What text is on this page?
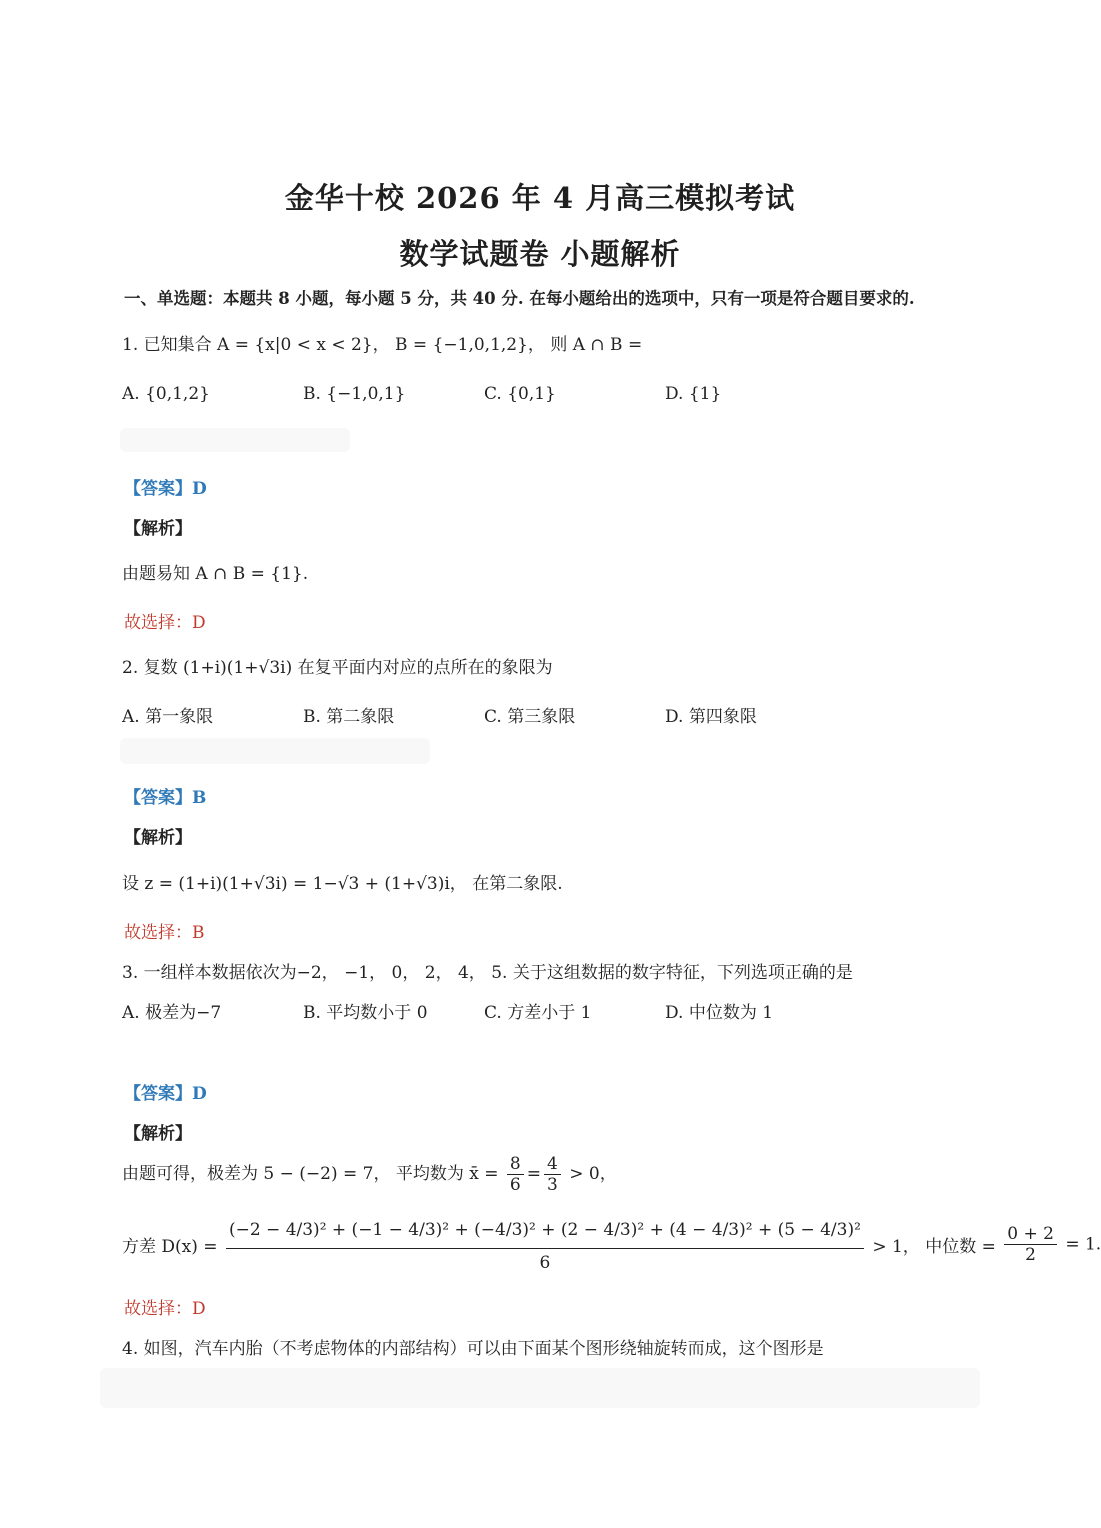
金华十校 2026 年 4 月高三模拟考试
数学试题卷 小题解析
一、单选题：本题共 8 小题，每小题 5 分，共 40 分. 在每小题给出的选项中，只有一项是符合题目要求的.
1. 已知集合 A = {x|0 < x < 2}， B = {−1,0,1,2}， 则 A ∩ B =
A. {0,1,2}	B. {−1,0,1}	C. {0,1}	D. {1}
【答案】D
【解析】
由题易知 A ∩ B = {1}.
故选择：D
2. 复数 (1+i)(1+√3i) 在复平面内对应的点所在的象限为
A. 第一象限	B. 第二象限	C. 第三象限	D. 第四象限
【答案】B
【解析】
设 z = (1+i)(1+√3i) = 1−√3 + (1+√3)i， 在第二象限.
故选择：B
3. 一组样本数据依次为−2， −1， 0， 2， 4， 5. 关于这组数据的数字特征，下列选项正确的是
A. 极差为−7	B. 平均数小于 0	C. 方差小于 1	D. 中位数为 1
【答案】D
【解析】
由题可得，极差为 5 − (−2) = 7， 平均数为 x̄ = $\frac{8}{6} = \frac{4}{3} > 0$，
方差 D(x) =
(−2 − 4/3)² + (−1 − 4/3)² + (−4/3)² + (2 − 4/3)² + (4 − 4/3)² + (5 − 4/3)²
6
> 1， 中位数 = $\frac{0 + 2}{2} = 1$.
故选择：D
4. 如图，汽车内胎（不考虑物体的内部结构）可以由下面某个图形绕轴旋转而成，这个图形是
